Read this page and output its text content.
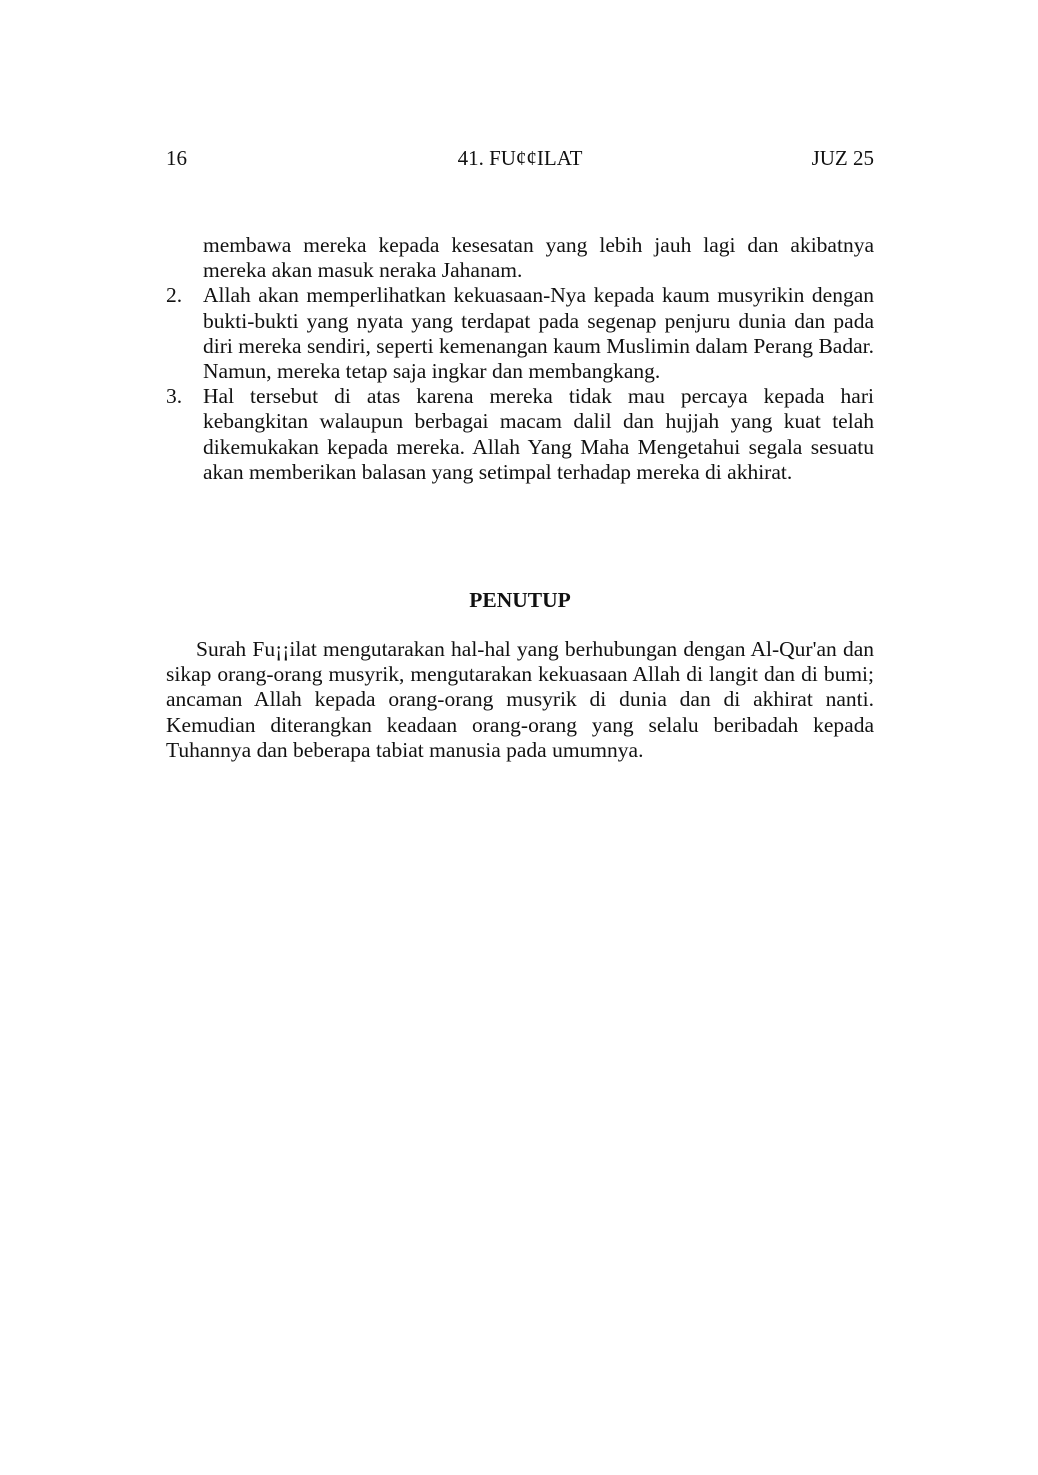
16	41. FU¢¢ILAT	JUZ 25
membawa mereka kepada kesesatan yang lebih jauh lagi dan akibatnya mereka akan masuk neraka Jahanam.
2. Allah akan memperlihatkan kekuasaan-Nya kepada kaum musyrikin dengan bukti-bukti yang nyata yang terdapat pada segenap penjuru dunia dan pada diri mereka sendiri, seperti kemenangan kaum Muslimin dalam Perang Badar. Namun, mereka tetap saja ingkar dan membangkang.
3. Hal tersebut di atas karena mereka tidak mau percaya kepada hari kebangkitan walaupun berbagai macam dalil dan hujjah yang kuat telah dikemukakan kepada mereka. Allah Yang Maha Mengetahui segala sesuatu akan memberikan balasan yang setimpal terhadap mereka di akhirat.
PENUTUP
Surah Fu¡¡ilat mengutarakan hal-hal yang berhubungan dengan Al-Qur'an dan sikap orang-orang musyrik, mengutarakan kekuasaan Allah di langit dan di bumi; ancaman Allah kepada orang-orang musyrik di dunia dan di akhirat nanti. Kemudian diterangkan keadaan orang-orang yang selalu beribadah kepada Tuhannya dan beberapa tabiat manusia pada umumnya.
